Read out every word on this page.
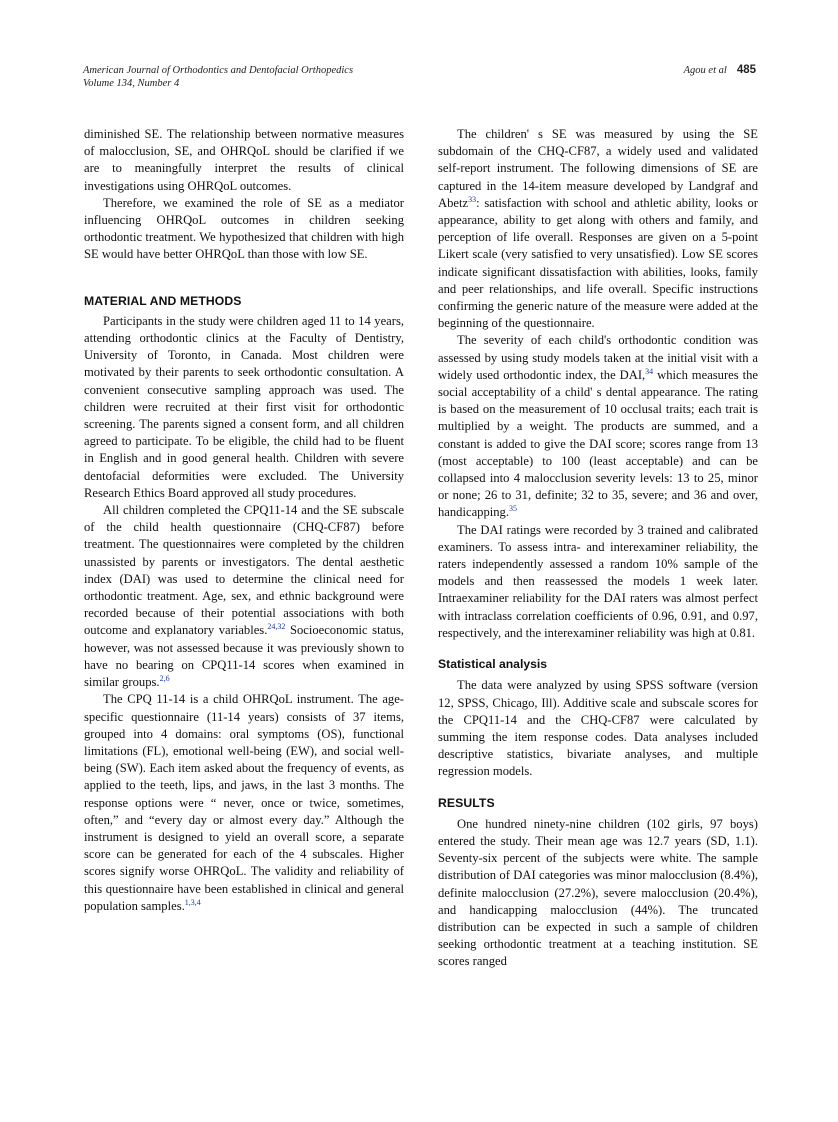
American Journal of Orthodontics and Dentofacial Orthopedics
Volume 134, Number 4
Agou et al 485

diminished SE. The relationship between normative measures of malocclusion, SE, and OHRQoL should be clarified if we are to meaningfully interpret the results of clinical investigations using OHRQoL outcomes.

Therefore, we examined the role of SE as a mediator influencing OHRQoL outcomes in children seeking orthodontic treatment. We hypothesized that children with high SE would have better OHRQoL than those with low SE.

MATERIAL AND METHODS

Participants in the study were children aged 11 to 14 years, attending orthodontic clinics at the Faculty of Dentistry, University of Toronto, in Canada. Most children were motivated by their parents to seek orthodontic consultation. A convenient consecutive sampling approach was used. The children were recruited at their first visit for orthodontic screening. The parents signed a consent form, and all children agreed to participate. To be eligible, the child had to be fluent in English and in good general health. Children with severe dentofacial deformities were excluded. The University Research Ethics Board approved all study procedures.

All children completed the CPQ11-14 and the SE subscale of the child health questionnaire (CHQ-CF87) before treatment. The questionnaires were completed by the children unassisted by parents or investigators. The dental aesthetic index (DAI) was used to determine the clinical need for orthodontic treatment. Age, sex, and ethnic background were recorded because of their potential associations with both outcome and explanatory variables.$^{24,32}$ Socioeconomic status, however, was not assessed because it was previously shown to have no bearing on CPQ11-14 scores when examined in similar groups.$^{2,6}$

The CPQ 11-14 is a child OHRQoL instrument. The age-specific questionnaire (11-14 years) consists of 37 items, grouped into 4 domains: oral symptoms (OS), functional limitations (FL), emotional well-being (EW), and social well-being (SW). Each item asked about the frequency of events, as applied to the teeth, lips, and jaws, in the last 3 months. The response options were “ never, once or twice, sometimes, often,” and “every day or almost every day.” Although the instrument is designed to yield an overall score, a separate score can be generated for each of the 4 subscales. Higher scores signify worse OHRQoL. The validity and reliability of this questionnaire have been established in clinical and general population samples.$^{1,3,4}$

The children' s SE was measured by using the SE subdomain of the CHQ-CF87, a widely used and validated self-report instrument. The following dimensions of SE are captured in the 14-item measure developed by Landgraf and Abetz$^{33}$: satisfaction with school and athletic ability, looks or appearance, ability to get along with others and family, and perception of life overall. Responses are given on a 5-point Likert scale (very satisfied to very unsatisfied). Low SE scores indicate significant dissatisfaction with abilities, looks, family and peer relationships, and life overall. Specific instructions confirming the generic nature of the measure were added at the beginning of the questionnaire.

The severity of each child's orthodontic condition was assessed by using study models taken at the initial visit with a widely used orthodontic index, the DAI,$^{34}$ which measures the social acceptability of a child' s dental appearance. The rating is based on the measurement of 10 occlusal traits; each trait is multiplied by a weight. The products are summed, and a constant is added to give the DAI score; scores range from 13 (most acceptable) to 100 (least acceptable) and can be collapsed into 4 malocclusion severity levels: 13 to 25, minor or none; 26 to 31, definite; 32 to 35, severe; and 36 and over, handicapping.$^{35}$

The DAI ratings were recorded by 3 trained and calibrated examiners. To assess intra- and interexaminer reliability, the raters independently assessed a random 10% sample of the models and then reassessed the models 1 week later. Intraexaminer reliability for the DAI raters was almost perfect with intraclass correlation coefficients of 0.96, 0.91, and 0.97, respectively, and the interexaminer reliability was high at 0.81.

Statistical analysis

The data were analyzed by using SPSS software (version 12, SPSS, Chicago, Ill). Additive scale and subscale scores for the CPQ11-14 and the CHQ-CF87 were calculated by summing the item response codes. Data analyses included descriptive statistics, bivariate analyses, and multiple regression models.

RESULTS

One hundred ninety-nine children (102 girls, 97 boys) entered the study. Their mean age was 12.7 years (SD, 1.1). Seventy-six percent of the subjects were white. The sample distribution of DAI categories was minor malocclusion (8.4%), definite malocclusion (27.2%), severe malocclusion (20.4%), and handicapping malocclusion (44%). The truncated distribution can be expected in such a sample of children seeking orthodontic treatment at a teaching institution. SE scores ranged
